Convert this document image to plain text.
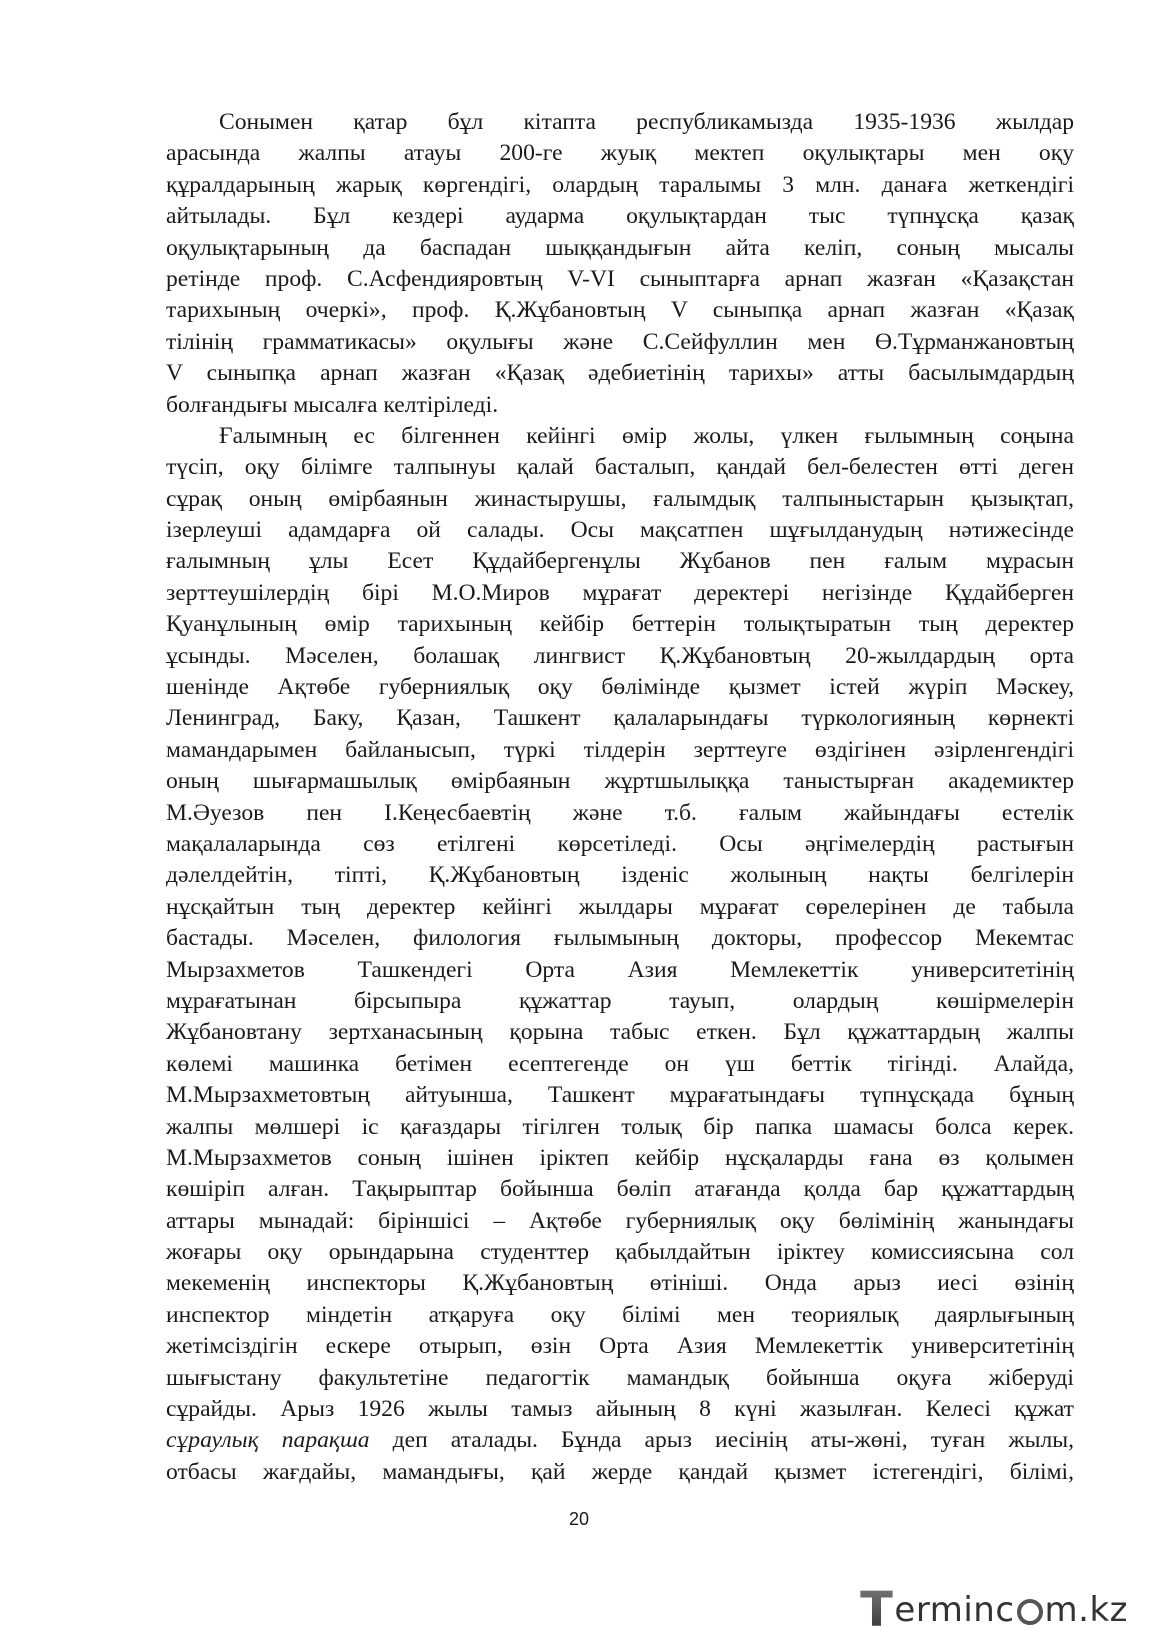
Сонымен қатар бұл кітапта республикамызда 1935-1936 жылдар
арасында жалпы атауы 200-ге жуық мектеп оқулықтары мен оқу
құралдарының жарық көргендігі, олардың таралымы 3 млн. данаға жеткендігі
айтылады. Бұл кездері аударма оқулықтардан тыс түпнұсқа қазақ
оқулықтарының да баспадан шыққандығын айта келіп, соның мысалы
ретінде проф. С.Асфендияровтың V-VI сыныптарға арнап жазған «Қазақстан
тарихының очеркі», проф. Қ.Жұбановтың V сыныпқа арнап жазған «Қазақ
тілінің грамматикасы» оқулығы және С.Сейфуллин мен Ө.Тұрманжановтың
V сыныпқа арнап жазған «Қазақ әдебиетінің тарихы» атты басылымдардың
болғандығы мысалға келтіріледі.
Ғалымның ес білгеннен кейінгі өмір жолы, үлкен ғылымның соңына
түсіп, оқу білімге талпынуы қалай басталып, қандай бел-белестен өтті деген
сұрақ оның өмірбаянын жинастырушы, ғалымдық талпыныстарын қызықтап,
ізерлеуші адамдарға ой салады. Осы мақсатпен шұғылданудың нәтижесінде
ғалымның ұлы Есет Құдайбергенұлы Жұбанов пен ғалым мұрасын
зерттеушілердің бірі М.О.Миров мұрағат деректері негізінде Құдайберген
Қуанұлының өмір тарихының кейбір беттерін толықтыратын тың деректер
ұсынды. Мәселен, болашақ лингвист Қ.Жұбановтың 20-жылдардың орта
шенінде Ақтөбе губерниялық оқу бөлімінде қызмет істей жүріп Мәскеу,
Ленинград, Баку, Қазан, Ташкент қалаларындағы түркологияның көрнекті
мамандарымен байланысып, түркі тілдерін зерттеуге өздігінен әзірленгендігі
оның шығармашылық өмірбаянын жұртшылыққа таныстырған академиктер
М.Әуезов пен І.Кеңесбаевтің және т.б. ғалым жайындағы естелік
мақалаларында сөз етілгені көрсетіледі. Осы әңгімелердің растығын
дәлелдейтін, тіпті, Қ.Жұбановтың ізденіс жолының нақты белгілерін
нұсқайтын тың деректер кейінгі жылдары мұрағат сөрелерінен де табыла
бастады. Мәселен, филология ғылымының докторы, профессор Мекемтас
Мырзахметов Ташкендегі Орта Азия Мемлекеттік университетінің
мұрағатынан бірсыпыра құжаттар тауып, олардың көшірмелерін
Жұбановтану зертханасының қорына табыс еткен. Бұл құжаттардың жалпы
көлемі машинка бетімен есептегенде он үш беттік тігінді. Алайда,
М.Мырзахметовтың айтуынша, Ташкент мұрағатындағы түпнұсқада бұның
жалпы мөлшері іс қағаздары тігілген толық бір папка шамасы болса керек.
М.Мырзахметов соның ішінен іріктеп кейбір нұсқаларды ғана өз қолымен
көшіріп алған. Тақырыптар бойынша бөліп атағанда қолда бар құжаттардың
аттары мынадай: біріншісі – Ақтөбе губерниялық оқу бөлімінің жанындағы
жоғары оқу орындарына студенттер қабылдайтын іріктеу комиссиясына сол
мекеменің инспекторы Қ.Жұбановтың өтініші. Онда арыз иесі өзінің
инспектор міндетін атқаруға оқу білімі мен теориялық даярлығының
жетімсіздігін ескере отырып, өзін Орта Азия Мемлекеттік университетінің
шығыстану факультетіне педагогтік мамандық бойынша оқуға жіберуді
сұрайды. Арыз 1926 жылы тамыз айының 8 күні жазылған. Келесі құжат
сұраулық парақша деп аталады. Бұнда арыз иесінің аты-жөні, туған жылы,
отбасы жағдайы, мамандығы, қай жерде қандай қызмет істегендігі, білімі,
20
T erminc m.kz
